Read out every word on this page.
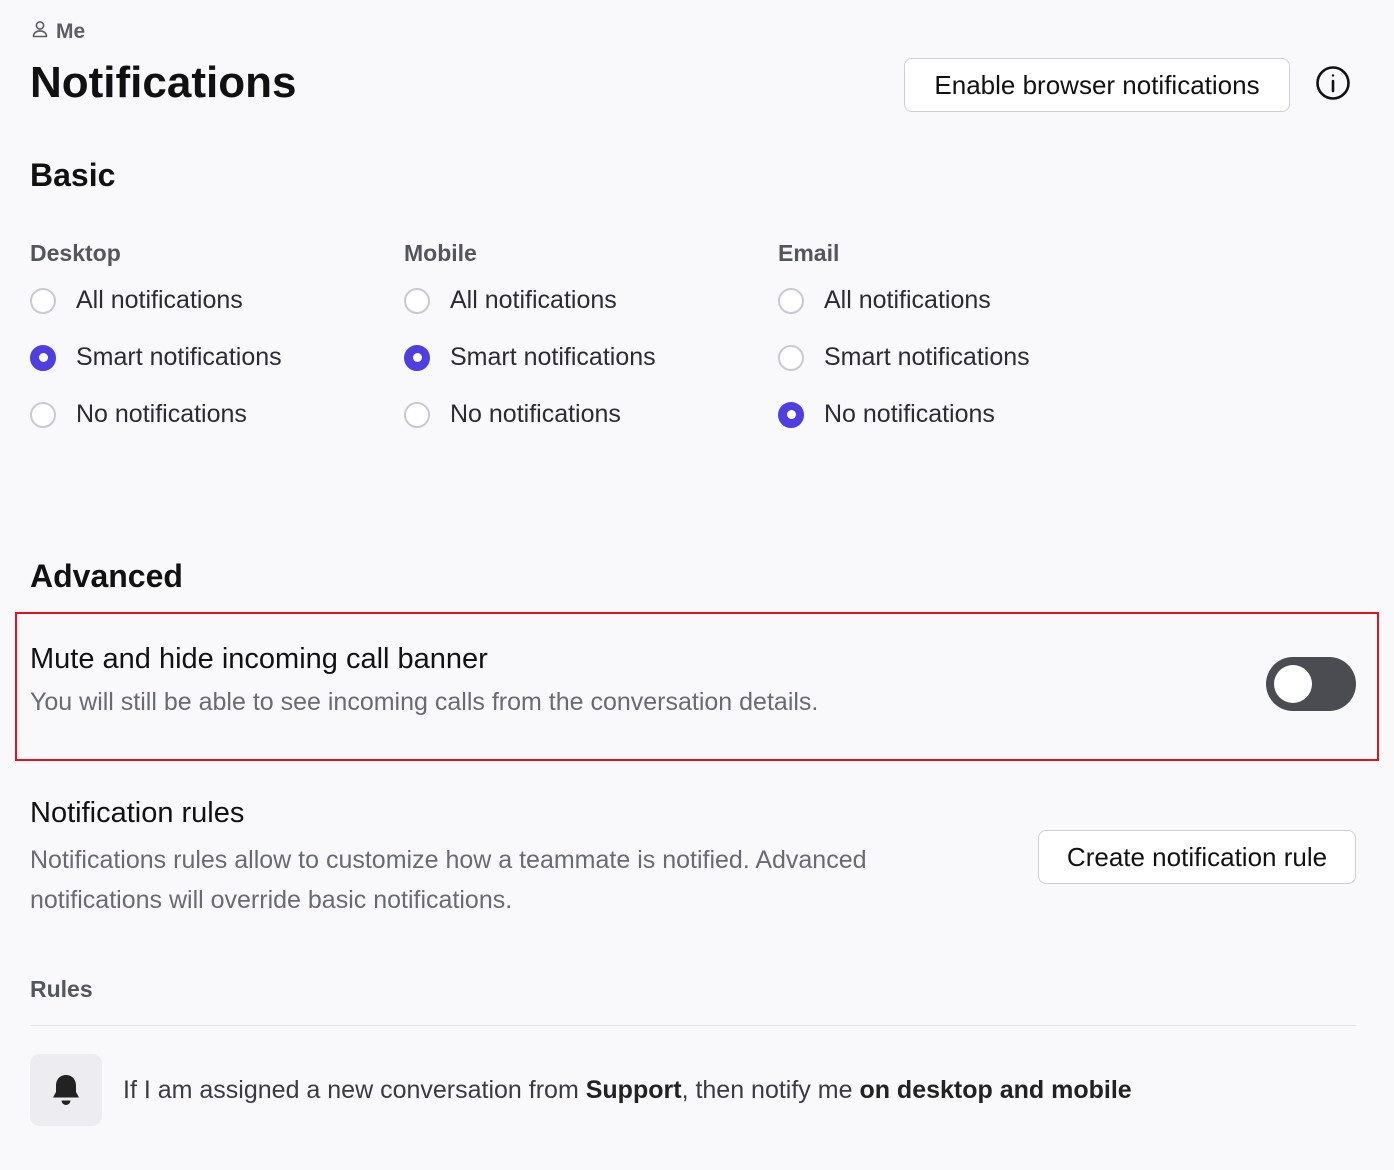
Me
Notifications	Enable browser notifications
Basic
Desktop
All notifications
Smart notifications
No notifications
Mobile
All notifications
Smart notifications
No notifications
Email
All notifications
Smart notifications
No notifications
Advanced
Mute and hide incoming call banner
You will still be able to see incoming calls from the conversation details.
Notification rules
Notifications rules allow to customize how a teammate is notified. Advanced notifications will override basic notifications.
Create notification rule
Rules
If I am assigned a new conversation from Support, then notify me on desktop and mobile
